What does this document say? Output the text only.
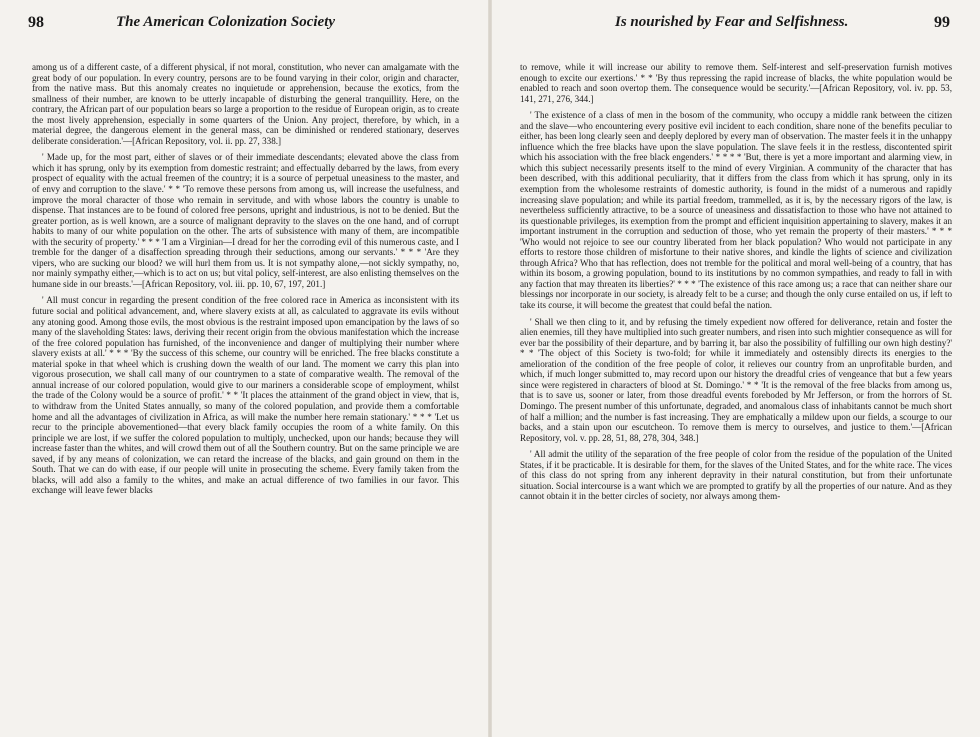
98	The American Colonization Society

among us of a different caste, of a different physical, if not moral, constitution, who never can amalgamate with the great body of our population. In every country, persons are to be found varying in their color, origin and character, from the native mass. But this anomaly creates no inquietude or apprehension, because the exotics, from the smallness of their number, are known to be utterly incapable of disturbing the general tranquillity. Here, on the contrary, the African part of our population bears so large a proportion to the residue of European origin, as to create the most lively apprehension, especially in some quarters of the Union. Any project, therefore, by which, in a material degree, the dangerous element in the general mass, can be diminished or rendered stationary, deserves deliberate consideration.'—[African Repository, vol. ii. pp. 27, 338.]

' Made up, for the most part, either of slaves or of their immediate descendants; elevated above the class from which it has sprung, only by its exemption from domestic restraint; and effectually debarred by the laws, from every prospect of equality with the actual freemen of the country; it is a source of perpetual uneasiness to the master, and of envy and corruption to the slave.' * * 'To remove these persons from among us, will increase the usefulness, and improve the moral character of those who remain in servitude, and with whose labors the country is unable to dispense. That instances are to be found of colored free persons, upright and industrious, is not to be denied. But the greater portion, as is well known, are a source of malignant depravity to the slaves on the one hand, and of corrupt habits to many of our white population on the other. The arts of subsistence with many of them, are incompatible with the security of property.' * * * 'I am a Virginian—I dread for her the corroding evil of this numerous caste, and I tremble for the danger of a disaffection spreading through their seductions, among our servants.' * * * 'Are they vipers, who are sucking our blood? we will hurl them from us. It is not sympathy alone,—not sickly sympathy, no, nor mainly sympathy either,—which is to act on us; but vital policy, self-interest, are also enlisting themselves on the humane side in our breasts.'—[African Repository, vol. iii. pp. 10, 67, 197, 201.]

' All must concur in regarding the present condition of the free colored race in America as inconsistent with its future social and political advancement, and, where slavery exists at all, as calculated to aggravate its evils without any atoning good. Among those evils, the most obvious is the restraint imposed upon emancipation by the laws of so many of the slaveholding States: laws, deriving their recent origin from the obvious manifestation which the increase of the free colored population has furnished, of the inconvenience and danger of multiplying their number where slavery exists at all.' * * * 'By the success of this scheme, our country will be enriched. The free blacks constitute a material spoke in that wheel which is crushing down the wealth of our land. The moment we carry this plan into vigorous prosecution, we shall call many of our countrymen to a state of comparative wealth. The removal of the annual increase of our colored population, would give to our mariners a considerable scope of employment, whilst the trade of the Colony would be a source of profit.' * * 'It places the attainment of the grand object in view, that is, to withdraw from the United States annually, so many of the colored population, and provide them a comfortable home and all the advantages of civilization in Africa, as will make the number here remain stationary.' * * * 'Let us recur to the principle abovementioned—that every black family occupies the room of a white family. On this principle we are lost, if we suffer the colored population to multiply, unchecked, upon our hands; because they will increase faster than the whites, and will crowd them out of all the Southern country. But on the same principle we are saved, if by any means of colonization, we can retard the increase of the blacks, and gain ground on them in the South. That we can do with ease, if our people will unite in prosecuting the scheme. Every family taken from the blacks, will add also a family to the whites, and make an actual difference of two families in our favor. This exchange will leave fewer blacks

Is nourished by Fear and Selfishness.	99

to remove, while it will increase our ability to remove them. Self-interest and self-preservation furnish motives enough to excite our exertions.' * * 'By thus repressing the rapid increase of blacks, the white population would be enabled to reach and soon overtop them. The consequence would be security.'—[African Repository, vol. iv. pp. 53, 141, 271, 276, 344.]

' The existence of a class of men in the bosom of the community, who occupy a middle rank between the citizen and the slave—who encountering every positive evil incident to each condition, share none of the benefits peculiar to either, has been long clearly seen and deeply deplored by every man of observation. The master feels it in the unhappy influence which the free blacks have upon the slave population. The slave feels it in the restless, discontented spirit which his association with the free black engenders.' * * * * 'But, there is yet a more important and alarming view, in which this subject necessarily presents itself to the mind of every Virginian. A community of the character that has been described, with this additional peculiarity, that it differs from the class from which it has sprung, only in its exemption from the wholesome restraints of domestic authority, is found in the midst of a numerous and rapidly increasing slave population; and while its partial freedom, trammelled, as it is, by the necessary rigors of the law, is nevertheless sufficiently attractive, to be a source of uneasiness and dissatisfaction to those who have not attained to its questionable privileges, its exemption from the prompt and efficient inquisition appertaining to slavery, makes it an important instrument in the corruption and seduction of those, who yet remain the property of their masters.' * * * 'Who would not rejoice to see our country liberated from her black population? Who would not participate in any efforts to restore those children of misfortune to their native shores, and kindle the lights of science and civilization through Africa? Who that has reflection, does not tremble for the political and moral well-being of a country, that has within its bosom, a growing population, bound to its institutions by no common sympathies, and ready to fall in with any faction that may threaten its liberties?' * * * 'The existence of this race among us; a race that can neither share our blessings nor incorporate in our society, is already felt to be a curse; and though the only curse entailed on us, if left to take its course, it will become the greatest that could befal the nation.

' Shall we then cling to it, and by refusing the timely expedient now offered for deliverance, retain and foster the alien enemies, till they have multiplied into such greater numbers, and risen into such mightier consequence as will for ever bar the possibility of their departure, and by barring it, bar also the possibility of fulfilling our own high destiny?' * * 'The object of this Society is two-fold; for while it immediately and ostensibly directs its energies to the amelioration of the condition of the free people of color, it relieves our country from an unprofitable burden, and which, if much longer submitted to, may record upon our history the dreadful cries of vengeance that but a few years since were registered in characters of blood at St. Domingo.' * * 'It is the removal of the free blacks from among us, that is to save us, sooner or later, from those dreadful events foreboded by Mr Jefferson, or from the horrors of St. Domingo. The present number of this unfortunate, degraded, and anomalous class of inhabitants cannot be much short of half a million; and the number is fast increasing. They are emphatically a mildew upon our fields, a scourge to our backs, and a stain upon our escutcheon. To remove them is mercy to ourselves, and justice to them.'—[African Repository, vol. v. pp. 28, 51, 88, 278, 304, 348.]

' All admit the utility of the separation of the free people of color from the residue of the population of the United States, if it be practicable. It is desirable for them, for the slaves of the United States, and for the white race. The vices of this class do not spring from any inherent depravity in their natural constitution, but from their unfortunate situation. Social intercourse is a want which we are prompted to gratify by all the properties of our nature. And as they cannot obtain it in the better circles of society, nor always among them-
